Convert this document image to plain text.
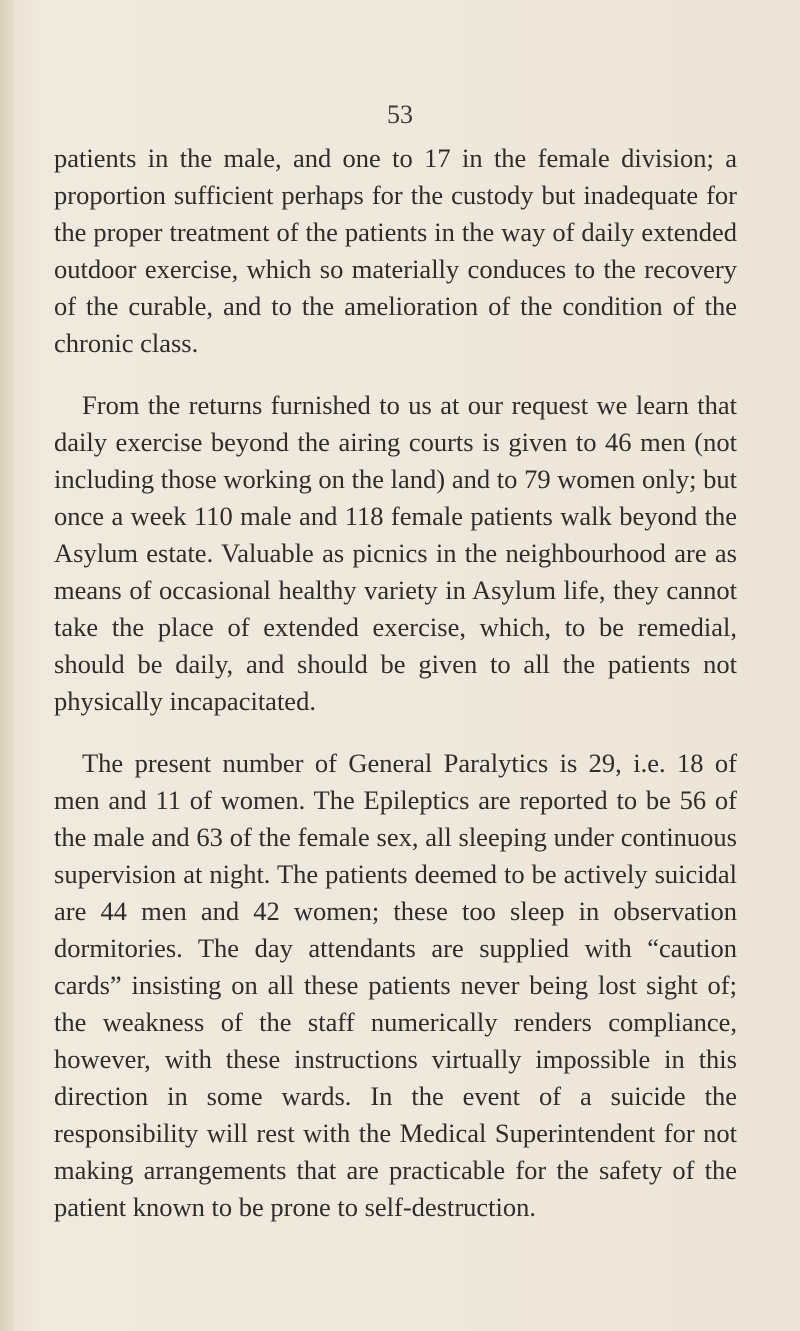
53

patients in the male, and one to 17 in the female division; a proportion sufficient perhaps for the custody but inadequate for the proper treatment of the patients in the way of daily extended outdoor exercise, which so materially conduces to the recovery of the curable, and to the amelioration of the condition of the chronic class.

From the returns furnished to us at our request we learn that daily exercise beyond the airing courts is given to 46 men (not including those working on the land) and to 79 women only; but once a week 110 male and 118 female patients walk beyond the Asylum estate. Valuable as picnics in the neighbourhood are as means of occasional healthy variety in Asylum life, they cannot take the place of extended exercise, which, to be remedial, should be daily, and should be given to all the patients not physically incapacitated.

The present number of General Paralytics is 29, i.e. 18 of men and 11 of women. The Epileptics are reported to be 56 of the male and 63 of the female sex, all sleeping under continuous supervision at night. The patients deemed to be actively suicidal are 44 men and 42 women; these too sleep in observation dormitories. The day attendants are supplied with “caution cards” insisting on all these patients never being lost sight of; the weakness of the staff numerically renders compliance, however, with these instructions virtually impossible in this direction in some wards. In the event of a suicide the responsibility will rest with the Medical Superintendent for not making arrangements that are practicable for the safety of the patient known to be prone to self-destruction.
